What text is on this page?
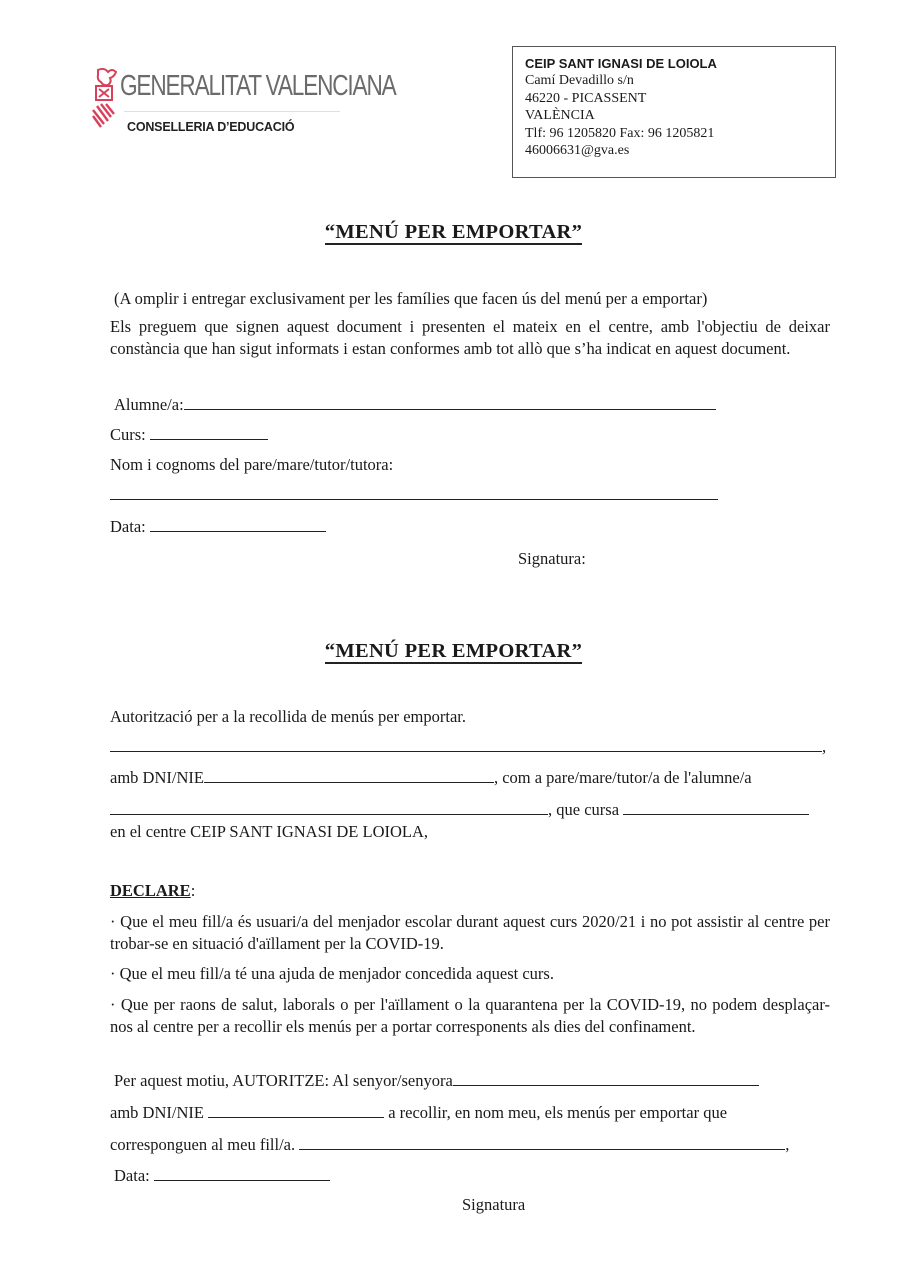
GENERALITAT VALENCIANA
CONSELLERIA D’EDUCACIÓ
CEIP SANT IGNASI DE LOIOLA
Camí Devadillo s/n
46220 - PICASSENT
VALÈNCIA
Tlf: 96 1205820 Fax: 96 1205821
46006631@gva.es
“MENÚ PER EMPORTAR”
(A omplir i entregar exclusivament per les famílies que facen ús del menú per a emportar)
Els preguem que signen aquest document i presenten el mateix en el centre, amb l'objectiu de deixar constància que han sigut informats i estan conformes amb tot allò que s’ha indicat en aquest document.
Alumne/a:
Curs:
Nom i cognoms del pare/mare/tutor/tutora:
Data:
Signatura:
“MENÚ PER EMPORTAR”
Autorització per a la recollida de menús per emportar.
,
amb DNI/NIE	, com a pare/mare/tutor/a de l'alumne/a
, que cursa
en el centre CEIP SANT IGNASI DE LOIOLA,
DECLARE:
· Que el meu fill/a és usuari/a del menjador escolar durant aquest curs 2020/21 i no pot assistir al centre per trobar-se en situació d'aïllament per la COVID-19.
· Que el meu fill/a té una ajuda de menjador concedida aquest curs.
· Que per raons de salut, laborals o per l'aïllament o la quarantena per la COVID-19, no podem desplaçar-nos al centre per a recollir els menús per a portar corresponents als dies del confinament.
Per aquest motiu, AUTORITZE: Al senyor/senyora
amb DNI/NIE	a recollir, en nom meu, els menús per emportar que
corresponguen al meu fill/a.	,
Data:
Signatura
